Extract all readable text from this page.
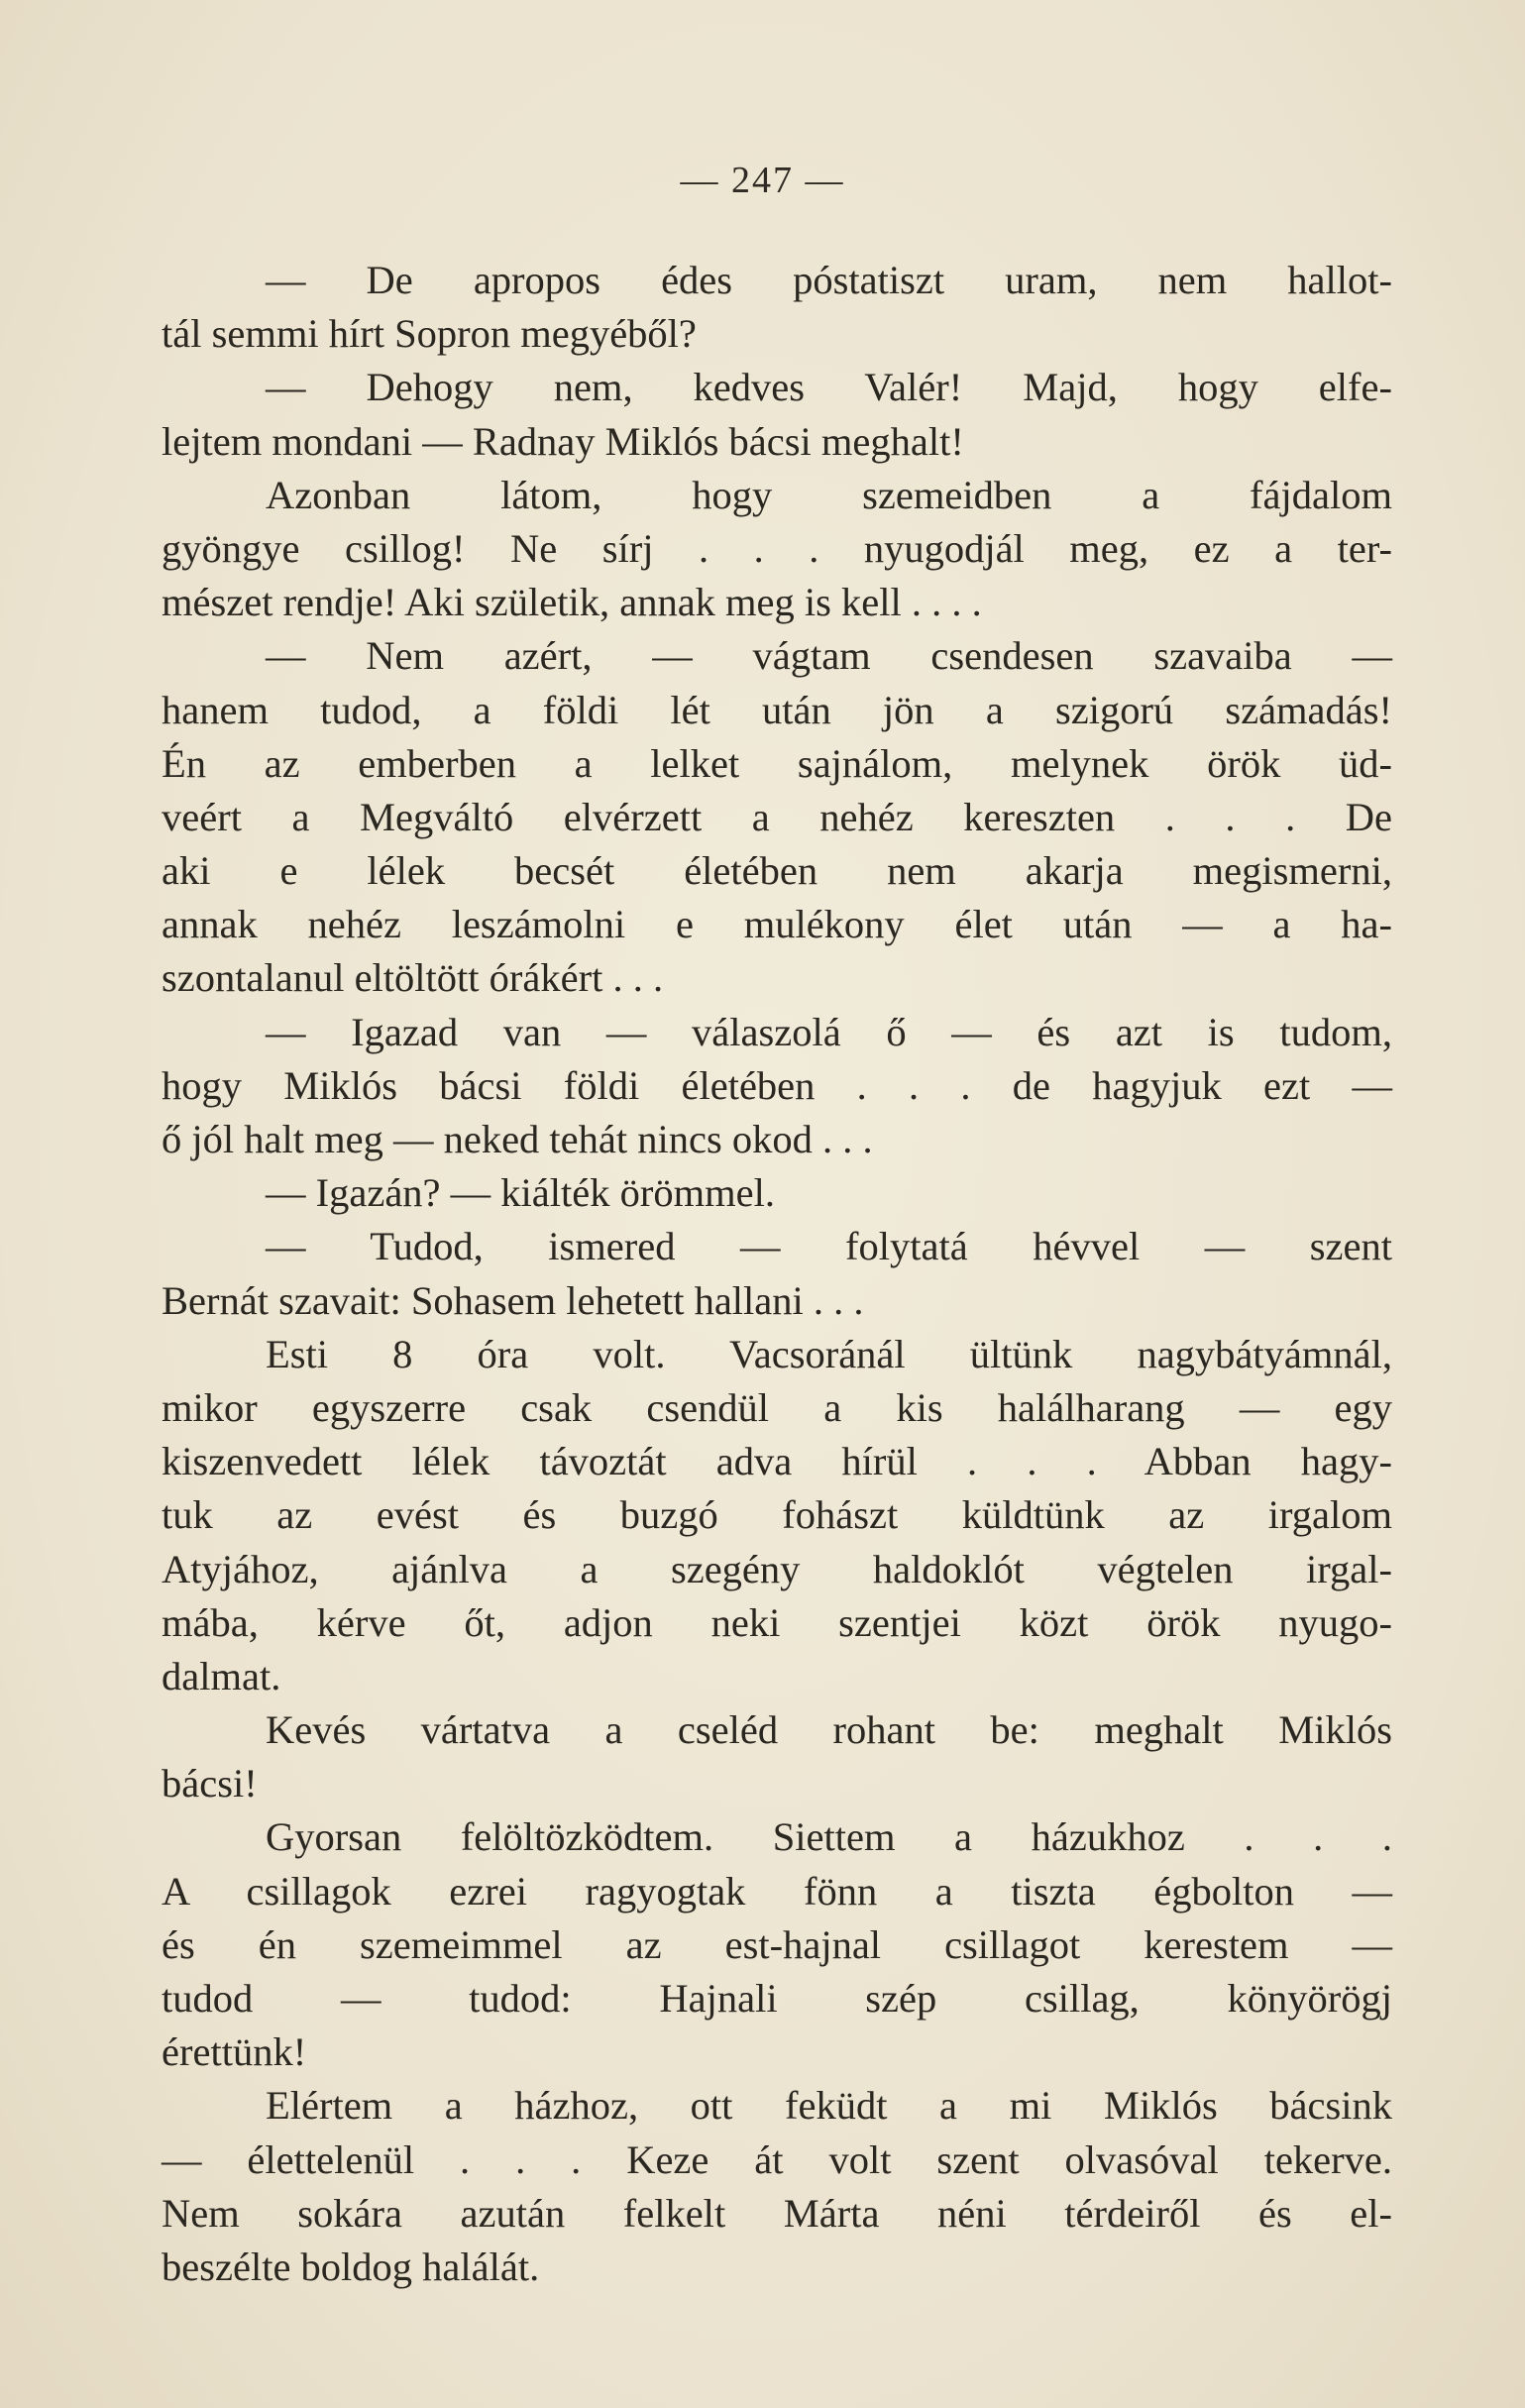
— 247 —
— De apropos édes póstatiszt uram, nem hallot-
tál semmi hírt Sopron megyéből?
— Dehogy nem, kedves Valér! Majd, hogy elfe-
lejtem mondani — Radnay Miklós bácsi meghalt!
Azonban látom, hogy szemeidben a fájdalom
gyöngye csillog! Ne sírj . . . nyugodjál meg, ez a ter-
mészet rendje! Aki születik, annak meg is kell . . . .
— Nem azért, — vágtam csendesen szavaiba —
hanem tudod, a földi lét után jön a szigorú számadás!
Én az emberben a lelket sajnálom, melynek örök üd-
veért a Megváltó elvérzett a nehéz kereszten . . . De
aki e lélek becsét életében nem akarja megismerni,
annak nehéz leszámolni e mulékony élet után — a ha-
szontalanul eltöltött órákért . . .
— Igazad van — válaszolá ő — és azt is tudom,
hogy Miklós bácsi földi életében . . . de hagyjuk ezt —
ő jól halt meg — neked tehát nincs okod . . .
— Igazán? — kiálték örömmel.
— Tudod, ismered — folytatá hévvel — szent
Bernát szavait: Sohasem lehetett hallani . . .
Esti 8 óra volt. Vacsoránál ültünk nagybátyámnál,
mikor egyszerre csak csendül a kis halálharang — egy
kiszenvedett lélek távoztát adva hírül . . . Abban hagy-
tuk az evést és buzgó fohászt küldtünk az irgalom
Atyjához, ajánlva a szegény haldoklót végtelen irgal-
mába, kérve őt, adjon neki szentjei közt örök nyugo-
dalmat.
Kevés vártatva a cseléd rohant be: meghalt Miklós
bácsi!
Gyorsan felöltözködtem. Siettem a házukhoz . . .
A csillagok ezrei ragyogtak fönn a tiszta égbolton —
és én szemeimmel az est-hajnal csillagot kerestem —
tudod — tudod: Hajnali szép csillag, könyörögj
érettünk!
Elértem a házhoz, ott feküdt a mi Miklós bácsink
— élettelenül . . . Keze át volt szent olvasóval tekerve.
Nem sokára azután felkelt Márta néni térdeiről és el-
beszélte boldog halálát.
